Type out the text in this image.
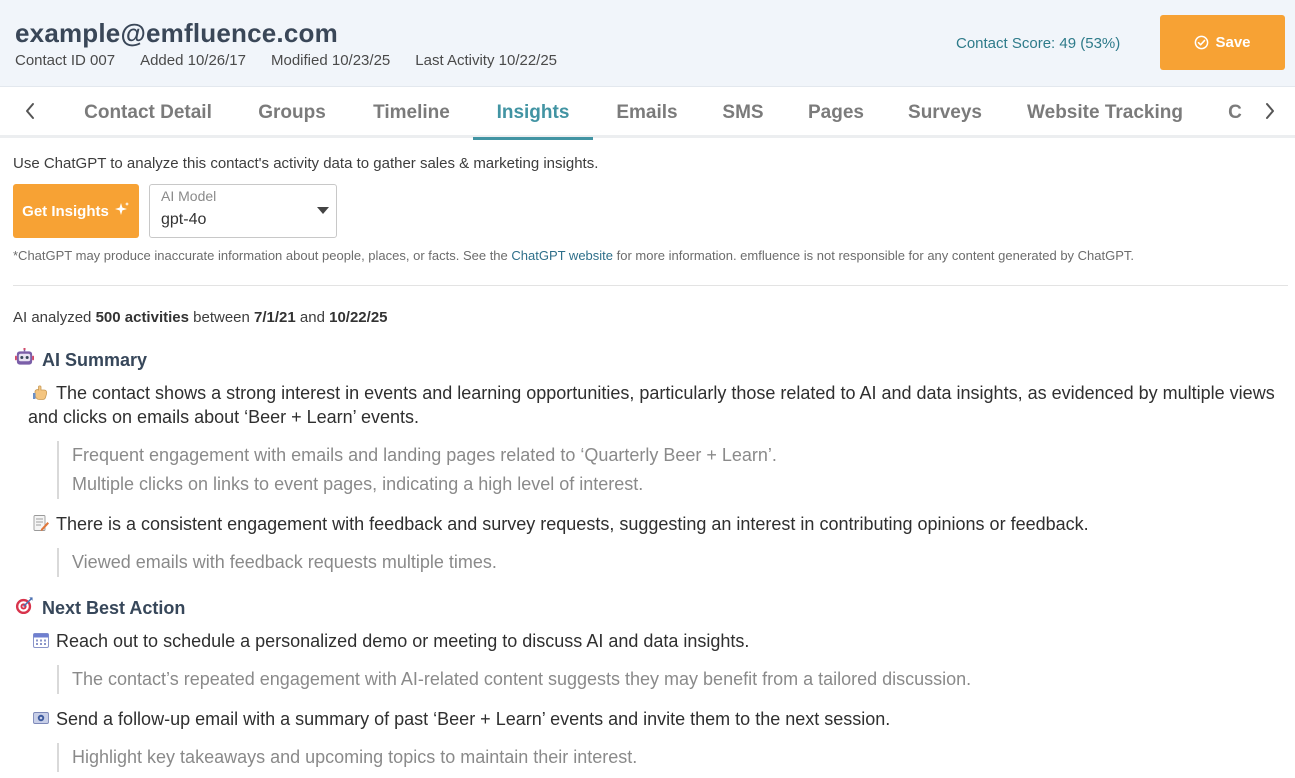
example@emfluence.com
Contact ID 007 Added 10/26/17 Modified 10/23/25 Last Activity 10/22/25
Contact Score: 49 (53%)	Save
Contact Detail	Groups	Timeline	Insights	Emails	SMS	Pages	Surveys	Website Tracking	C
Use ChatGPT to analyze this contact's activity data to gather sales & marketing insights.
Get Insights
AI Model
gpt-4o
*ChatGPT may produce inaccurate information about people, places, or facts. See the ChatGPT website for more information. emfluence is not responsible for any content generated by ChatGPT.
AI analyzed 500 activities between 7/1/21 and 10/22/25
AI Summary
The contact shows a strong interest in events and learning opportunities, particularly those related to AI and data insights, as evidenced by multiple views and clicks on emails about ‘Beer + Learn’ events.
Frequent engagement with emails and landing pages related to ‘Quarterly Beer + Learn’.
Multiple clicks on links to event pages, indicating a high level of interest.
There is a consistent engagement with feedback and survey requests, suggesting an interest in contributing opinions or feedback.
Viewed emails with feedback requests multiple times.
Next Best Action
Reach out to schedule a personalized demo or meeting to discuss AI and data insights.
The contact’s repeated engagement with AI-related content suggests they may benefit from a tailored discussion.
Send a follow-up email with a summary of past ‘Beer + Learn’ events and invite them to the next session.
Highlight key takeaways and upcoming topics to maintain their interest.
